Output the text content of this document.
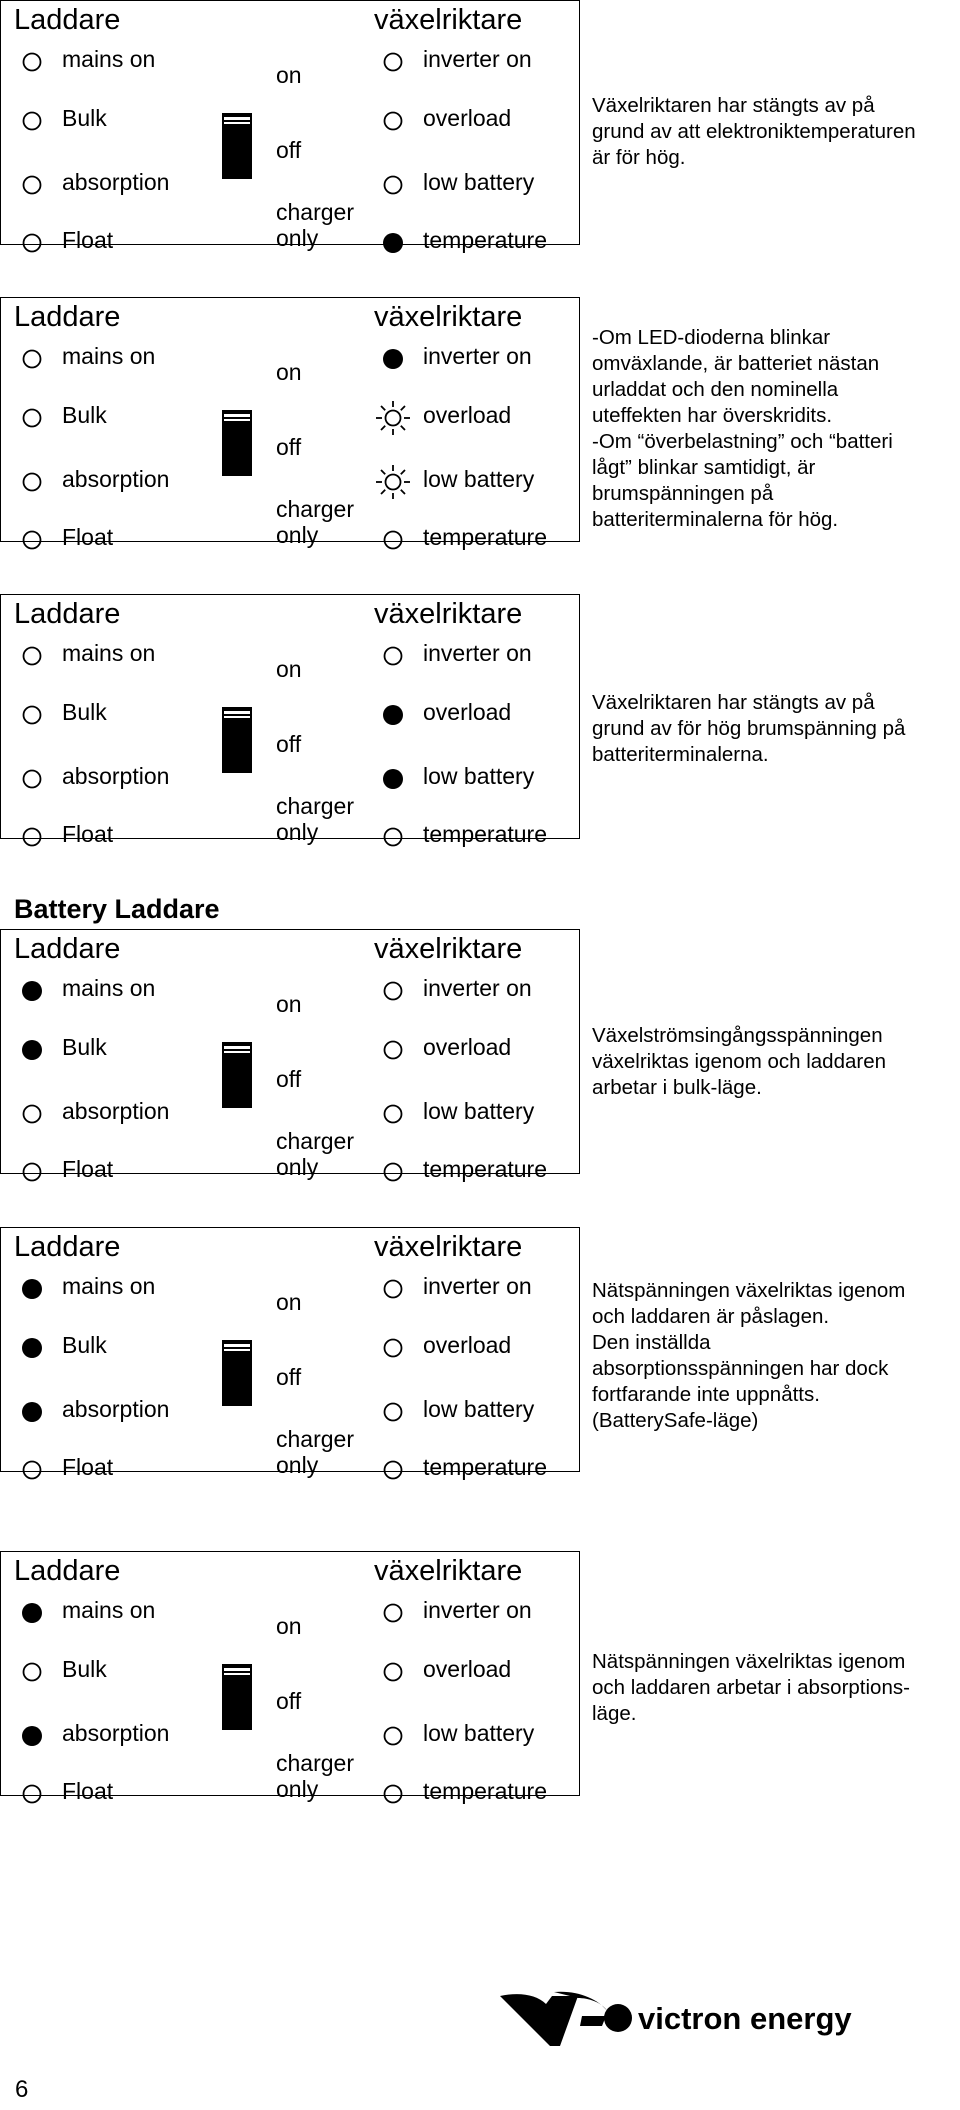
Laddare	växelriktare
mains on
Bulk
absorption
Float
inverter on
overload
low battery
temperature
on
off
charger
only
Växelriktaren har stängts av på
grund av att elektroniktemperaturen
är för hög.
Laddare	växelriktare
mains on
Bulk
absorption
Float
inverter on
overload
low battery
temperature
on
off
charger
only
-Om LED-dioderna blinkar
omväxlande, är batteriet nästan
urladdat och den nominella
uteffekten har överskridits.
-Om “överbelastning” och “batteri
lågt” blinkar samtidigt, är
brumspänningen på
batteriterminalerna för hög.
Laddare	växelriktare
mains on
Bulk
absorption
Float
inverter on
overload
low battery
temperature
on
off
charger
only
Växelriktaren har stängts av på
grund av för hög brumspänning på
batteriterminalerna.
Laddare	växelriktare
mains on
Bulk
absorption
Float
inverter on
overload
low battery
temperature
on
off
charger
only
Växelströmsingångsspänningen
växelriktas igenom och laddaren
arbetar i bulk-läge.
Laddare	växelriktare
mains on
Bulk
absorption
Float
inverter on
overload
low battery
temperature
on
off
charger
only
Nätspänningen växelriktas igenom
och laddaren är påslagen.
Den inställda
absorptionsspänningen har dock
fortfarande inte uppnåtts.
(BatterySafe-läge)
Laddare	växelriktare
mains on
Bulk
absorption
Float
inverter on
overload
low battery
temperature
on
off
charger
only
Nätspänningen växelriktas igenom
och laddaren arbetar i absorptions-
läge.
Battery Laddare
victron energy
6
